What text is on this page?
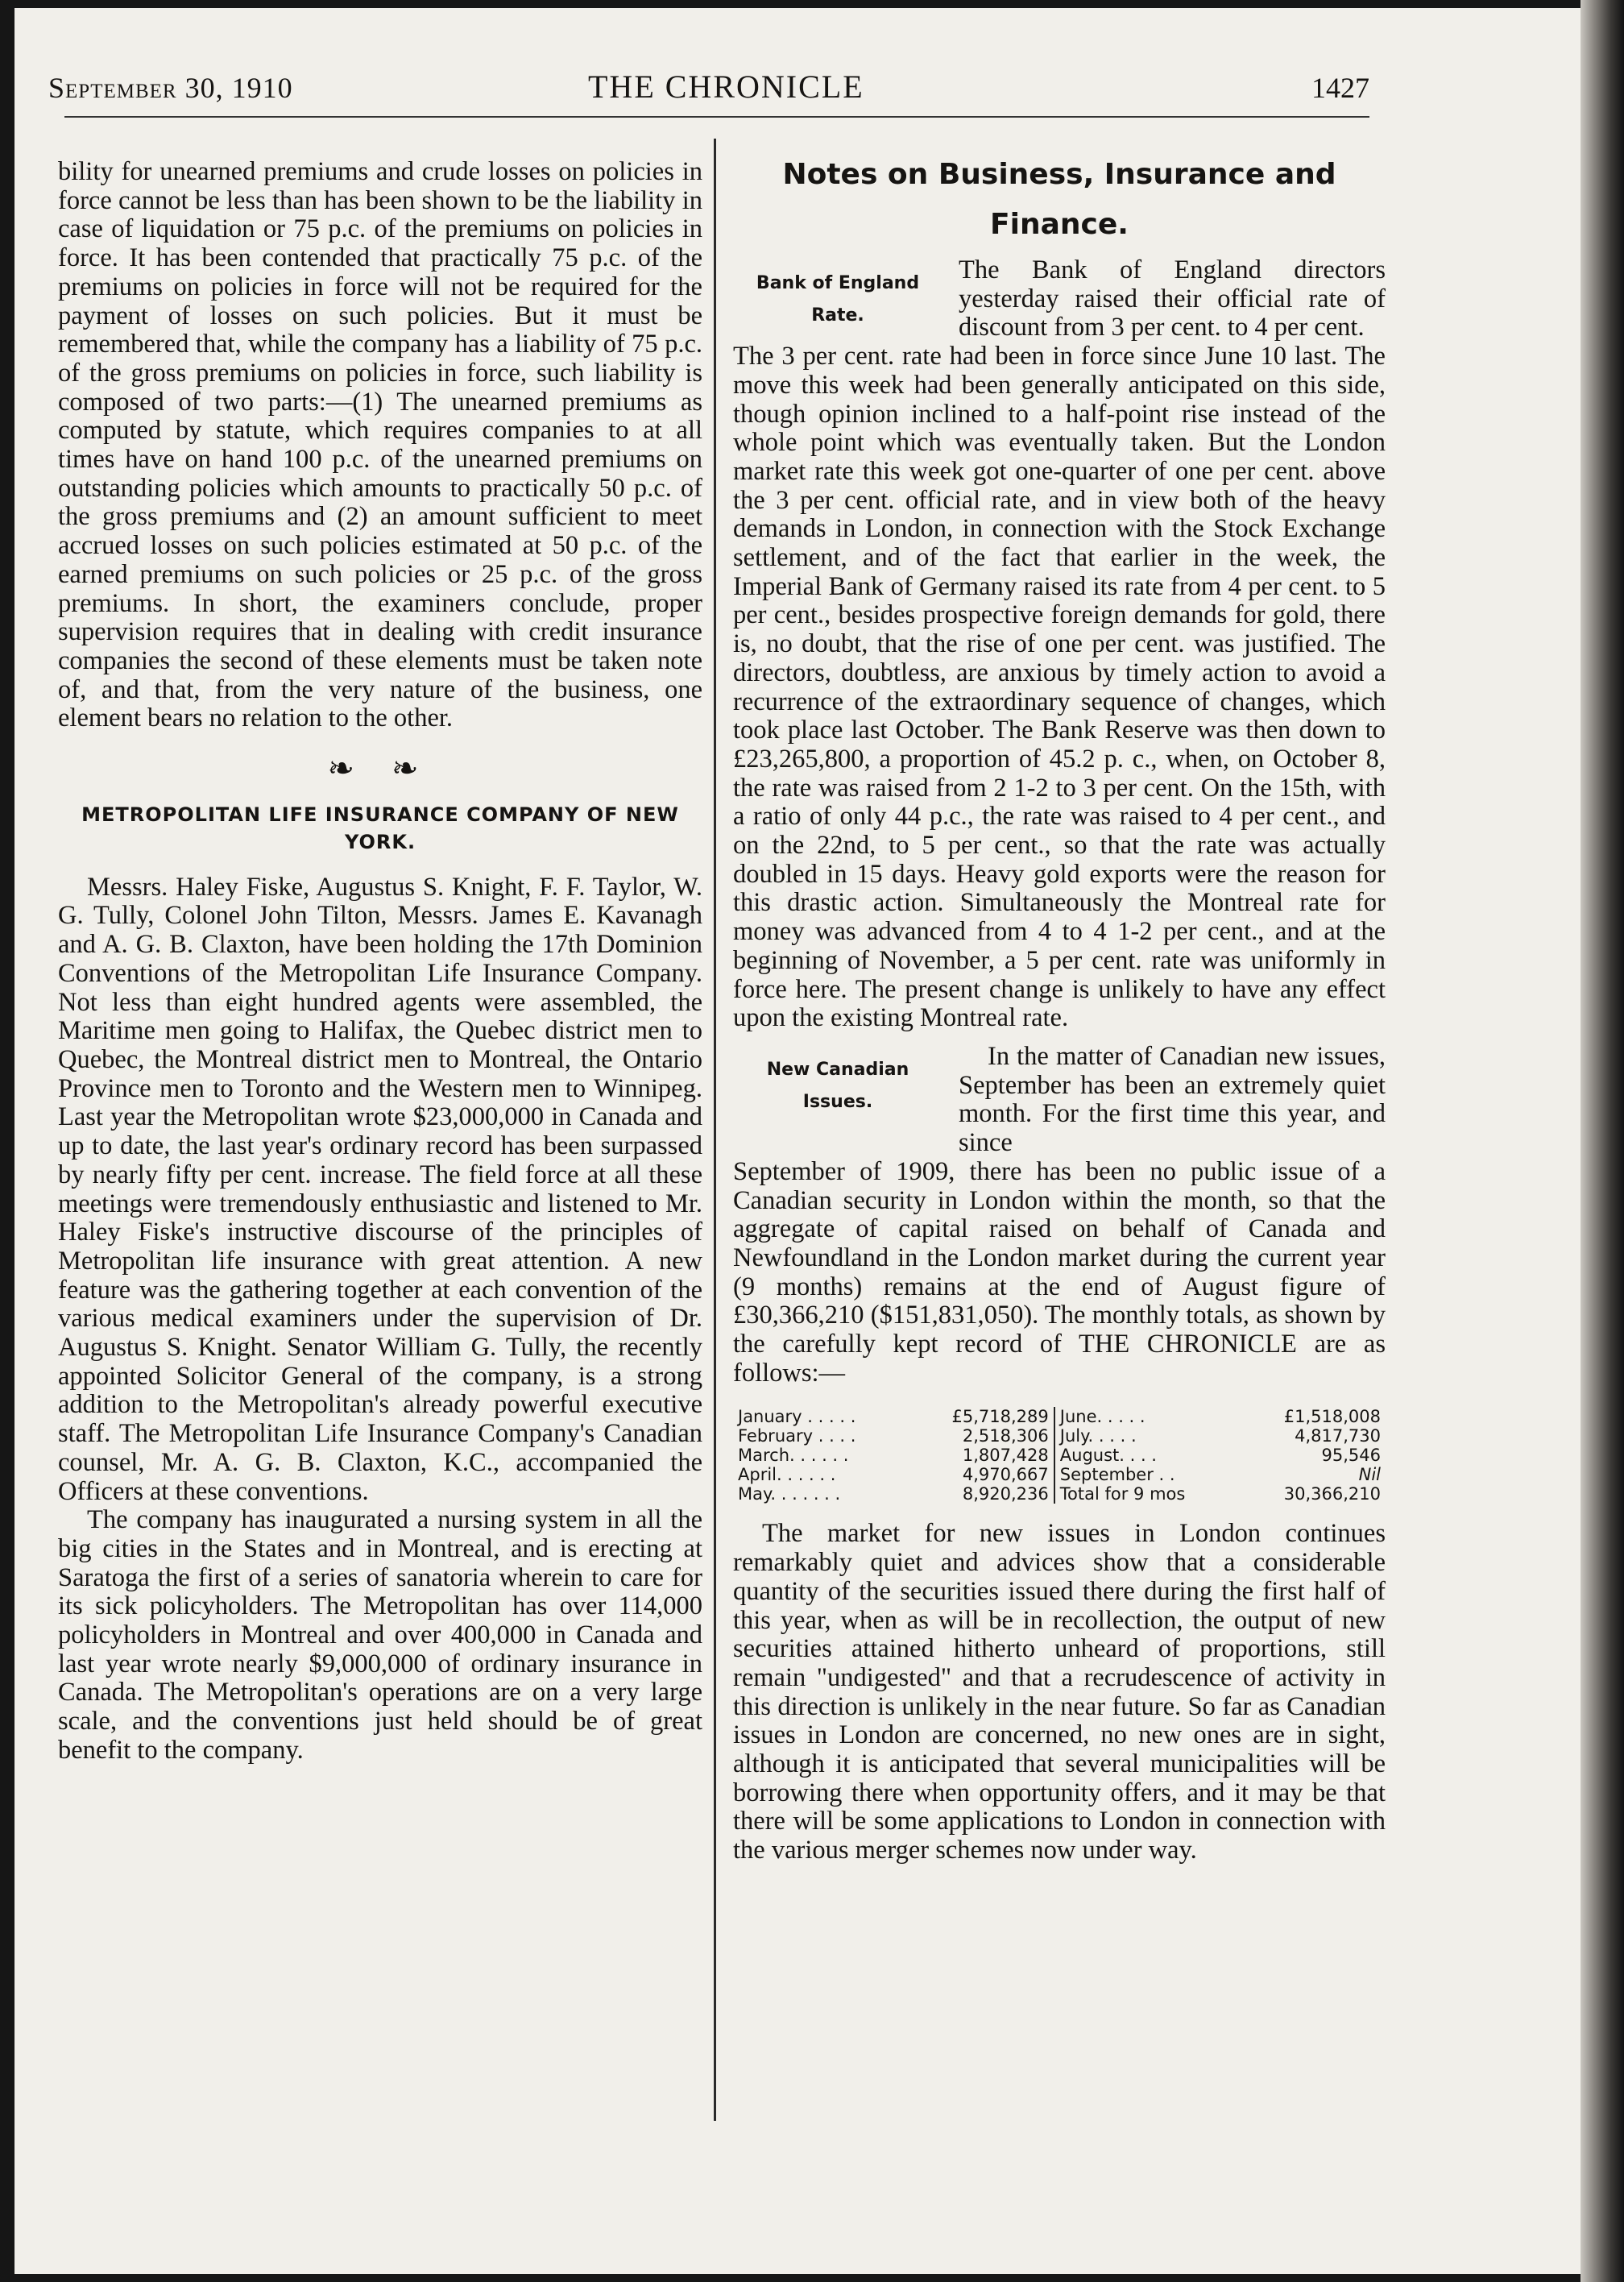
September 30, 1910	THE CHRONICLE	1427

bility for unearned premiums and crude losses on policies in force cannot be less than has been shown to be the liability in case of liquidation or 75 p.c. of the premiums on policies in force. It has been contended that practically 75 p.c. of the premiums on policies in force will not be required for the payment of losses on such policies. But it must be remembered that, while the company has a liability of 75 p.c. of the gross premiums on policies in force, such liability is composed of two parts:—(1) The unearned premiums as computed by statute, which requires companies to at all times have on hand 100 p.c. of the unearned premiums on outstanding policies which amounts to practically 50 p.c. of the gross premiums and (2) an amount sufficient to meet accrued losses on such policies estimated at 50 p.c. of the earned premiums on such policies or 25 p.c. of the gross premiums. In short, the examiners conclude, proper supervision requires that in dealing with credit insurance companies the second of these elements must be taken note of, and that, from the very nature of the business, one element bears no relation to the other.

❧ ❧
METROPOLITAN LIFE INSURANCE COMPANY OF NEW YORK.

Messrs. Haley Fiske, Augustus S. Knight, F. F. Taylor, W. G. Tully, Colonel John Tilton, Messrs. James E. Kavanagh and A. G. B. Claxton, have been holding the 17th Dominion Conventions of the Metropolitan Life Insurance Company. Not less than eight hundred agents were assembled, the Maritime men going to Halifax, the Quebec district men to Quebec, the Montreal district men to Montreal, the Ontario Province men to Toronto and the Western men to Winnipeg. Last year the Metropolitan wrote $23,000,000 in Canada and up to date, the last year's ordinary record has been surpassed by nearly fifty per cent. increase. The field force at all these meetings were tremendously enthusiastic and listened to Mr. Haley Fiske's instructive discourse of the principles of Metropolitan life insurance with great attention. A new feature was the gathering together at each convention of the various medical examiners under the supervision of Dr. Augustus S. Knight. Senator William G. Tully, the recently appointed Solicitor General of the company, is a strong addition to the Metropolitan's already powerful executive staff. The Metropolitan Life Insurance Company's Canadian counsel, Mr. A. G. B. Claxton, K.C., accompanied the Officers at these conventions.

The company has inaugurated a nursing system in all the big cities in the States and in Montreal, and is erecting at Saratoga the first of a series of sanatoria wherein to care for its sick policyholders. The Metropolitan has over 114,000 policyholders in Montreal and over 400,000 in Canada and last year wrote nearly $9,000,000 of ordinary insurance in Canada. The Metropolitan's operations are on a very large scale, and the conventions just held should be of great benefit to the company.

Notes on Business, Insurance and Finance.
Bank of England
Rate.
The Bank of England directors yesterday raised their official rate of discount from 3 per cent. to 4 per cent.

The 3 per cent. rate had been in force since June 10 last. The move this week had been generally anticipated on this side, though opinion inclined to a half-point rise instead of the whole point which was eventually taken. But the London market rate this week got one-quarter of one per cent. above the 3 per cent. official rate, and in view both of the heavy demands in London, in connection with the Stock Exchange settlement, and of the fact that earlier in the week, the Imperial Bank of Germany raised its rate from 4 per cent. to 5 per cent., besides prospective foreign demands for gold, there is, no doubt, that the rise of one per cent. was justified. The directors, doubtless, are anxious by timely action to avoid a recurrence of the extraordinary sequence of changes, which took place last October. The Bank Reserve was then down to £23,265,800, a proportion of 45.2 p. c., when, on October 8, the rate was raised from 2 1-2 to 3 per cent. On the 15th, with a ratio of only 44 p.c., the rate was raised to 4 per cent., and on the 22nd, to 5 per cent., so that the rate was actually doubled in 15 days. Heavy gold exports were the reason for this drastic action. Simultaneously the Montreal rate for money was advanced from 4 to 4 1-2 per cent., and at the beginning of November, a 5 per cent. rate was uniformly in force here. The present change is unlikely to have any effect upon the existing Montreal rate.

New Canadian
Issues.
In the matter of Canadian new issues, September has been an extremely quiet month. For the first time this year, and since

September of 1909, there has been no public issue of a Canadian security in London within the month, so that the aggregate of capital raised on behalf of Canada and Newfoundland in the London market during the current year (9 months) remains at the end of August figure of £30,366,210 ($151,831,050). The monthly totals, as shown by the carefully kept record of THE CHRONICLE are as follows:—

January . . . . .	£5,718,289	June. . . . .	£1,518,008
February . . . .	2,518,306	July. . . . .	4,817,730
March. . . . . .	1,807,428	August. . . .	95,546
April. . . . . .	4,970,667	September . .	Nil
May. . . . . . .	8,920,236	Total for 9 mos	30,366,210

The market for new issues in London continues remarkably quiet and advices show that a considerable quantity of the securities issued there during the first half of this year, when as will be in recollection, the output of new securities attained hitherto unheard of proportions, still remain "undigested" and that a recrudescence of activity in this direction is unlikely in the near future. So far as Canadian issues in London are concerned, no new ones are in sight, although it is anticipated that several municipalities will be borrowing there when opportunity offers, and it may be that there will be some applications to London in connection with the various merger schemes now under way.
